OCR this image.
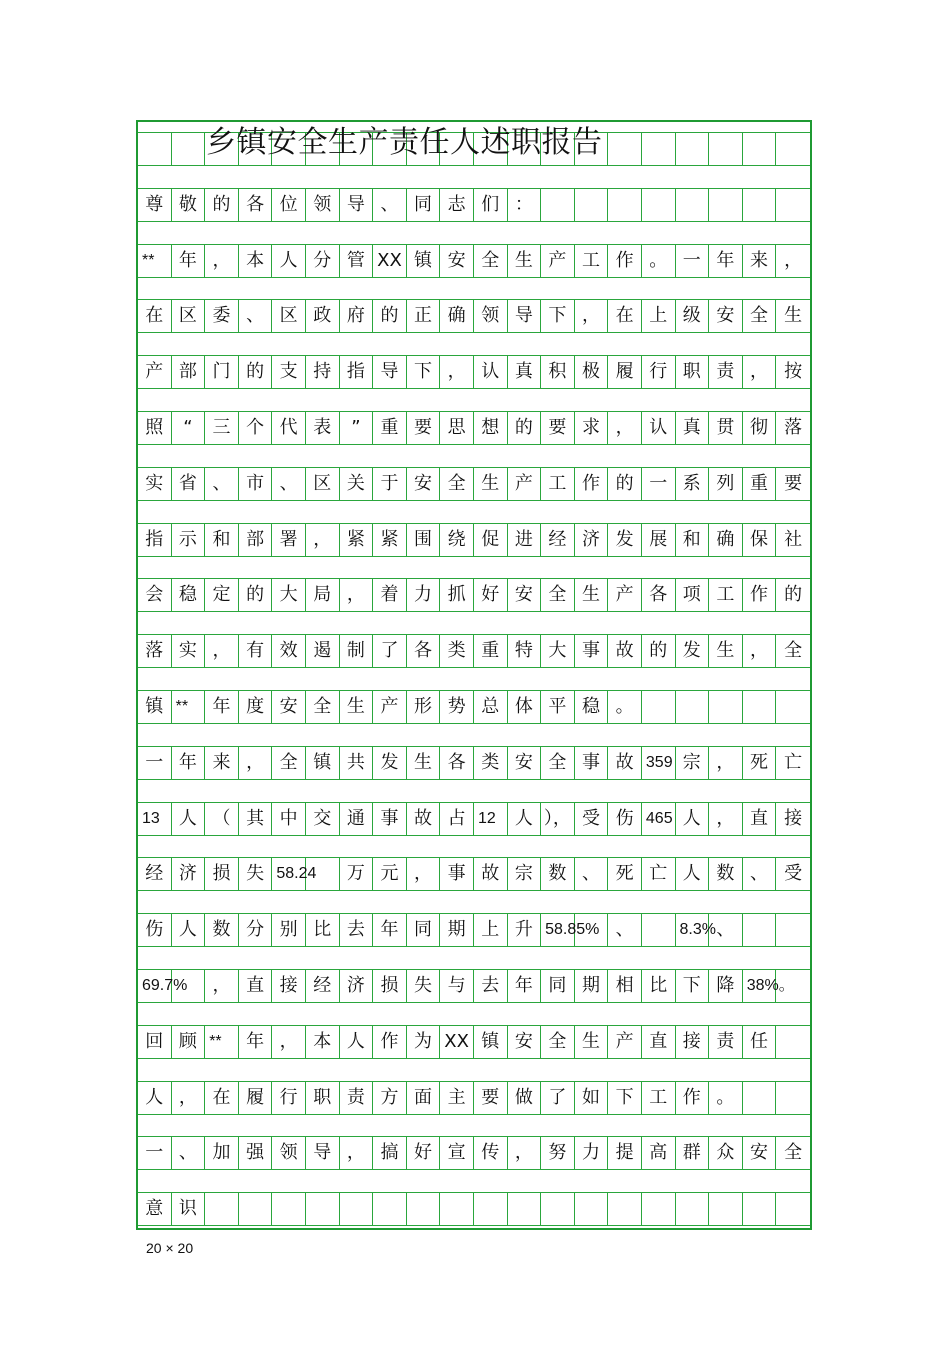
尊 敬 的 各 位 领 导 、 同 志 们 ：
**	年 ， 本 人 分 管 XX 镇 安 全 生 产 工 作 。 一 年 来 ，
在 区 委 、 区 政 府 的 正 确 领 导 下 ， 在 上 级 安 全 生
产 部 门 的 支 持 指 导 下 ， 认 真 积 极 履 行 职 责 ， 按
照	“	三 个 代 表	”	重 要 思 想 的 要 求 ， 认 真 贯 彻 落
实 省 、 市 、 区 关 于 安 全 生 产 工 作 的 一 系 列 重 要
指 示 和 部 署 ， 紧 紧 围 绕 促 进 经 济 发 展 和 确 保 社
会 稳 定 的 大 局 ， 着 力 抓 好 安 全 生 产 各 项 工 作 的
落 实 ， 有 效 遏 制 了 各 类 重 特 大 事 故 的 发 生 ， 全
镇 **	年 度 安 全 生 产 形 势 总 体 平 稳 。
一 年 来 ， 全 镇 共 发 生 各 类 安 全 事 故 359 宗 ， 死 亡
13	人 （ 其 中 交 通 事 故 占 12	人 ）， 受 伤 465 人 ， 直 接
经 济 损 失 58.24	万 元 ， 事 故 宗 数 、 死 亡 人 数 、 受
伤 人 数 分 别 比 去 年 同 期 上 升 58.85% 、	8.3% 、
69.7%	， 直 接 经 济 损 失 与 去 年 同 期 相 比 下 降 38%。
回 顾 **	年 ， 本 人 作 为 XX 镇 安 全 生 产 直 接 责 任
人 ， 在 履 行 职 责 方 面 主 要 做 了 如 下 工 作 。
一 、 加 强 领 导 ， 搞 好 宣 传 ， 努 力 提 高 群 众 安 全
意 识
乡镇安全生产责任人述职报告
20 × 20
